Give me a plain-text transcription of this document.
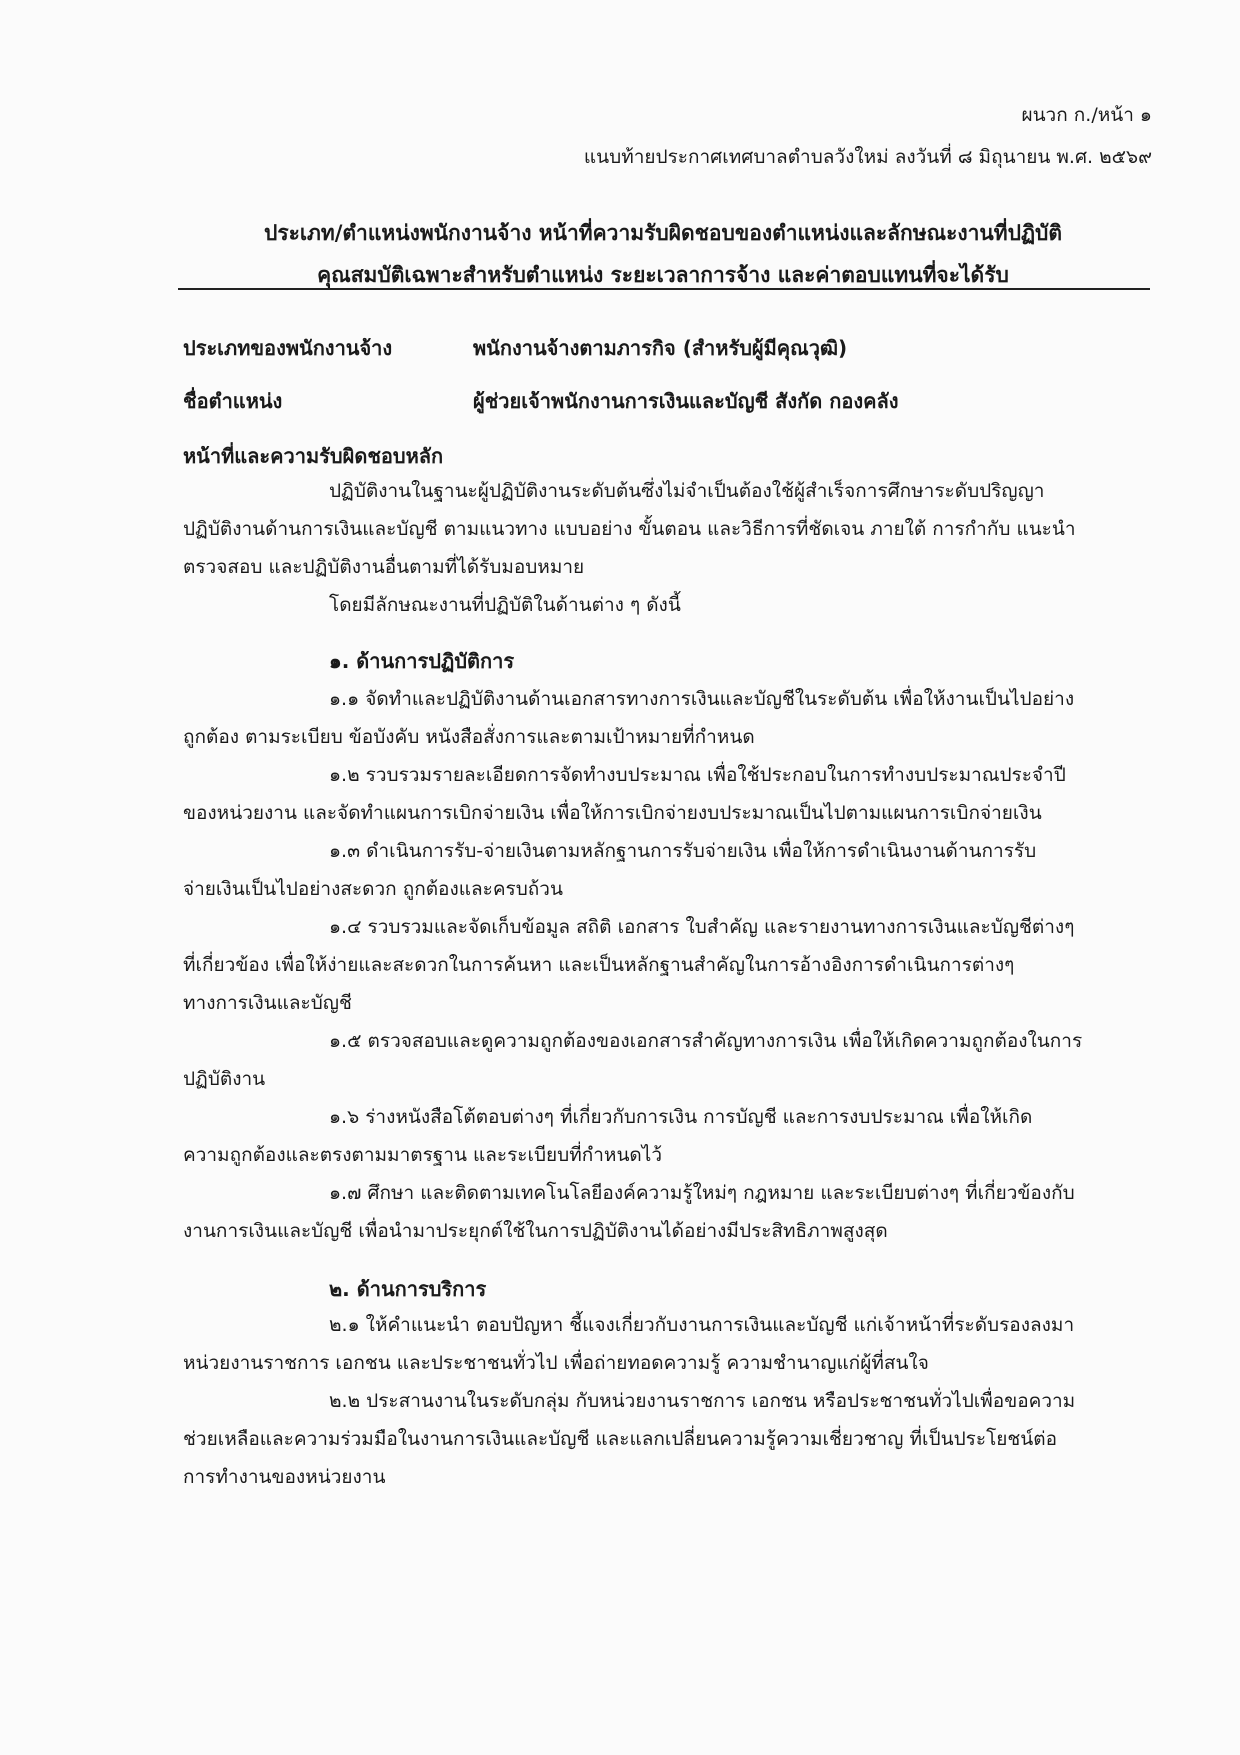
ผนวก ก./หน้า ๑
แนบท้ายประกาศเทศบาลตำบลวังใหม่ ลงวันที่ ๘ มิถุนายน พ.ศ. ๒๕๖๙
ประเภท/ตำแหน่งพนักงานจ้าง หน้าที่ความรับผิดชอบของตำแหน่งและลักษณะงานที่ปฏิบัติ
คุณสมบัติเฉพาะสำหรับตำแหน่ง ระยะเวลาการจ้าง และค่าตอบแทนที่จะได้รับ
ประเภทของพนักงานจ้าง	พนักงานจ้างตามภารกิจ (สำหรับผู้มีคุณวุฒิ)
ชื่อตำแหน่ง	ผู้ช่วยเจ้าพนักงานการเงินและบัญชี สังกัด กองคลัง
หน้าที่และความรับผิดชอบหลัก
ปฏิบัติงานในฐานะผู้ปฏิบัติงานระดับต้นซึ่งไม่จำเป็นต้องใช้ผู้สำเร็จการศึกษาระดับปริญญา
ปฏิบัติงานด้านการเงินและบัญชี ตามแนวทาง แบบอย่าง ขั้นตอน และวิธีการที่ชัดเจน ภายใต้ การกำกับ แนะนำ
ตรวจสอบ และปฏิบัติงานอื่นตามที่ได้รับมอบหมาย
โดยมีลักษณะงานที่ปฏิบัติในด้านต่าง ๆ ดังนี้
๑. ด้านการปฏิบัติการ
๑.๑ จัดทำและปฏิบัติงานด้านเอกสารทางการเงินและบัญชีในระดับต้น เพื่อให้งานเป็นไปอย่าง
ถูกต้อง ตามระเบียบ ข้อบังคับ หนังสือสั่งการและตามเป้าหมายที่กำหนด
๑.๒ รวบรวมรายละเอียดการจัดทำงบประมาณ เพื่อใช้ประกอบในการทำงบประมาณประจำปี
ของหน่วยงาน และจัดทำแผนการเบิกจ่ายเงิน เพื่อให้การเบิกจ่ายงบประมาณเป็นไปตามแผนการเบิกจ่ายเงิน
๑.๓ ดำเนินการรับ-จ่ายเงินตามหลักฐานการรับจ่ายเงิน เพื่อให้การดำเนินงานด้านการรับ
จ่ายเงินเป็นไปอย่างสะดวก ถูกต้องและครบถ้วน
๑.๔ รวบรวมและจัดเก็บข้อมูล สถิติ เอกสาร ใบสำคัญ และรายงานทางการเงินและบัญชีต่างๆ
ที่เกี่ยวข้อง เพื่อให้ง่ายและสะดวกในการค้นหา และเป็นหลักฐานสำคัญในการอ้างอิงการดำเนินการต่างๆ
ทางการเงินและบัญชี
๑.๕ ตรวจสอบและดูความถูกต้องของเอกสารสำคัญทางการเงิน เพื่อให้เกิดความถูกต้องในการ
ปฏิบัติงาน
๑.๖ ร่างหนังสือโต้ตอบต่างๆ ที่เกี่ยวกับการเงิน การบัญชี และการงบประมาณ เพื่อให้เกิด
ความถูกต้องและตรงตามมาตรฐาน และระเบียบที่กำหนดไว้
๑.๗ ศึกษา และติดตามเทคโนโลยีองค์ความรู้ใหม่ๆ กฎหมาย และระเบียบต่างๆ ที่เกี่ยวข้องกับ
งานการเงินและบัญชี เพื่อนำมาประยุกต์ใช้ในการปฏิบัติงานได้อย่างมีประสิทธิภาพสูงสุด
๒. ด้านการบริการ
๒.๑ ให้คำแนะนำ ตอบปัญหา ชี้แจงเกี่ยวกับงานการเงินและบัญชี แก่เจ้าหน้าที่ระดับรองลงมา
หน่วยงานราชการ เอกชน และประชาชนทั่วไป เพื่อถ่ายทอดความรู้ ความชำนาญแก่ผู้ที่สนใจ
๒.๒ ประสานงานในระดับกลุ่ม กับหน่วยงานราชการ เอกชน หรือประชาชนทั่วไปเพื่อขอความ
ช่วยเหลือและความร่วมมือในงานการเงินและบัญชี และแลกเปลี่ยนความรู้ความเชี่ยวชาญ ที่เป็นประโยชน์ต่อ
การทำงานของหน่วยงาน
